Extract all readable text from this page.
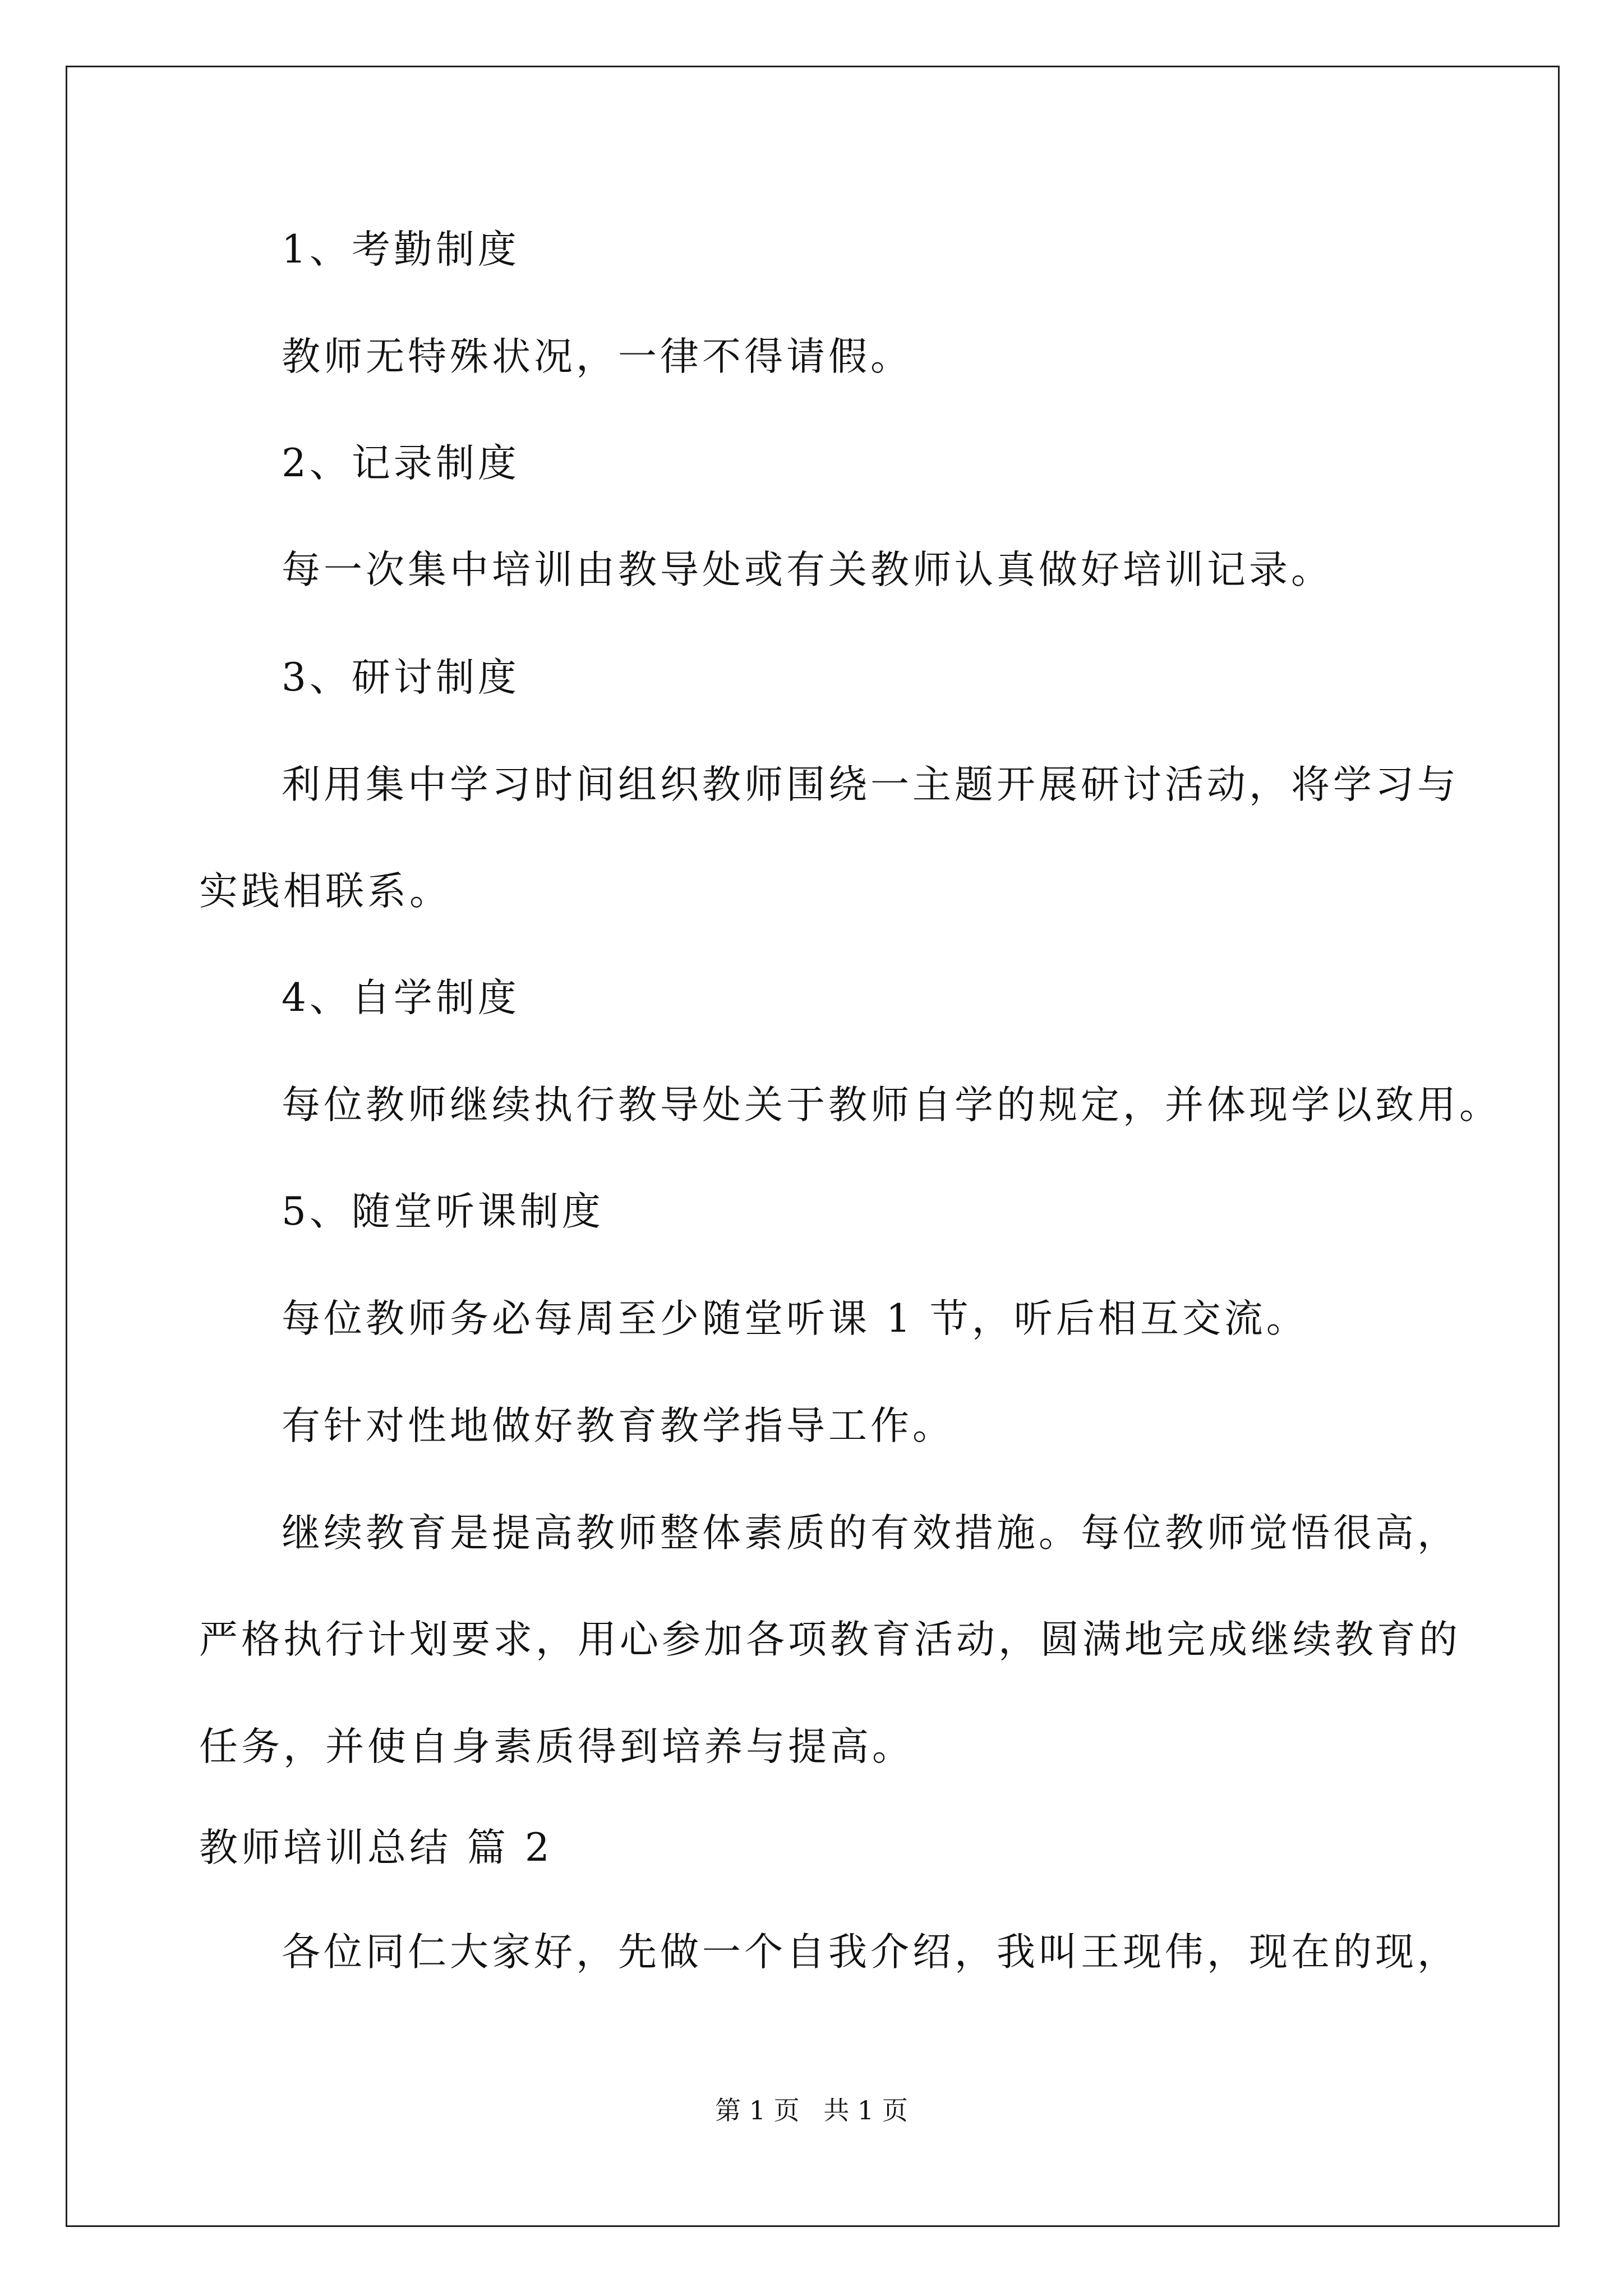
1、考勤制度
教师无特殊状况，一律不得请假。
2、记录制度
每一次集中培训由教导处或有关教师认真做好培训记录。
3、研讨制度
利用集中学习时间组织教师围绕一主题开展研讨活动，将学习与
实践相联系。
4、自学制度
每位教师继续执行教导处关于教师自学的规定，并体现学以致用。
5、随堂听课制度
每位教师务必每周至少随堂听课 1 节，听后相互交流。
有针对性地做好教育教学指导工作。
继续教育是提高教师整体素质的有效措施。每位教师觉悟很高，
严格执行计划要求，用心参加各项教育活动，圆满地完成继续教育的
任务，并使自身素质得到培养与提高。
教师培训总结 篇 2
各位同仁大家好，先做一个自我介绍，我叫王现伟，现在的现，
第 1 页 共 1 页
